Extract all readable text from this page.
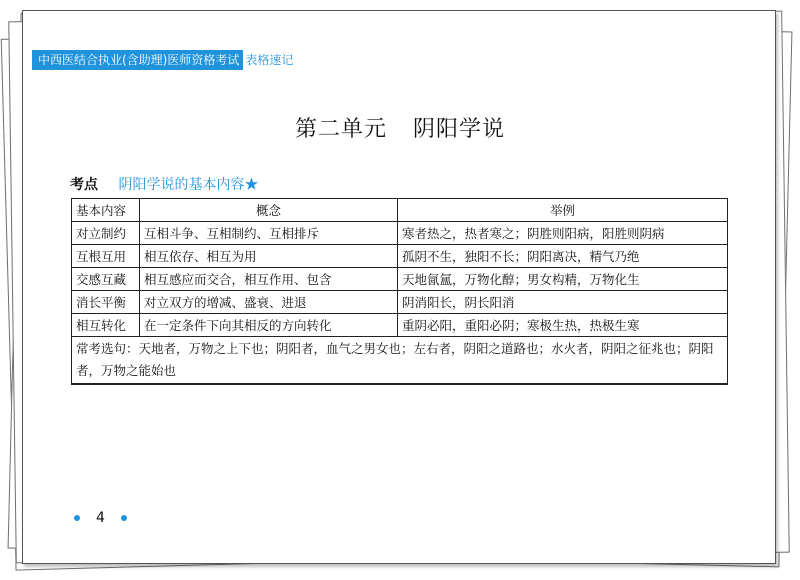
中西医结合执业(含助理)医师资格考试 表格速记
第二单元 阴阳学说
考点 阴阳学说的基本内容★
基本内容	概念	举例
对立制约	互相斗争、互相制约、互相排斥	寒者热之，热者寒之；阴胜则阳病，阳胜则阴病
互根互用	相互依存、相互为用	孤阴不生，独阳不长；阴阳离决，精气乃绝
交感互藏	相互感应而交合，相互作用、包含	天地氤氲，万物化醇；男女构精，万物化生
消长平衡	对立双方的增减、盛衰、进退	阴消阳长，阴长阳消
相互转化	在一定条件下向其相反的方向转化	重阴必阳，重阳必阴；寒极生热，热极生寒
常考选句：天地者，万物之上下也；阴阳者，血气之男女也；左右者，阴阳之道路也；水火者，阴阳之征兆也；阴阳者，万物之能始也		
4
